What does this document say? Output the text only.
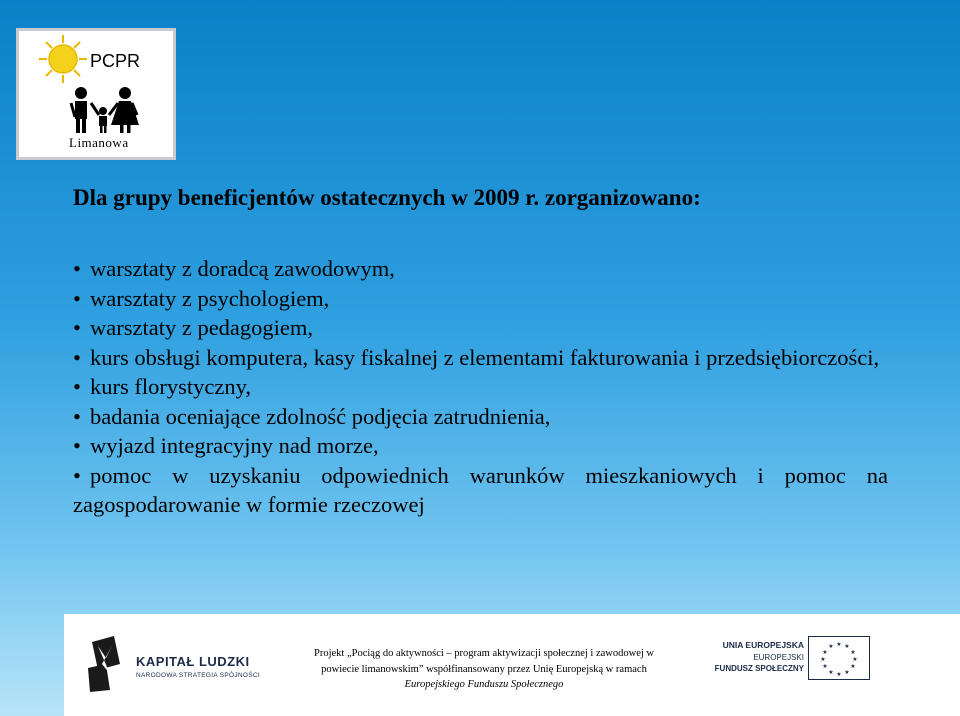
PCPR
Limanowa
Dla grupy beneficjentów ostatecznych w 2009 r. zorganizowano:
• warsztaty z doradcą zawodowym,
• warsztaty z psychologiem,
• warsztaty z pedagogiem,
• kurs obsługi komputera, kasy fiskalnej z elementami fakturowania i przedsiębiorczości,
• kurs florystyczny,
• badania oceniające zdolność podjęcia zatrudnienia,
• wyjazd integracyjny nad morze,
• pomoc w uzyskaniu odpowiednich warunków mieszkaniowych i pomoc na zagospodarowanie w formie rzeczowej
KAPITAŁ LUDZKI
NARODOWA STRATEGIA SPÓJNOŚCI
Projekt „Pociąg do aktywności – program aktywizacji społecznej i zawodowej w
powiecie limanowskim” współfinansowany przez Unię Europejską w ramach
Europejskiego Funduszu Społecznego
UNIA EUROPEJSKA
EUROPEJSKI
FUNDUSZ SPOŁECZNY
★ ★
★
★
★
★
★
★
★
★
★
★
